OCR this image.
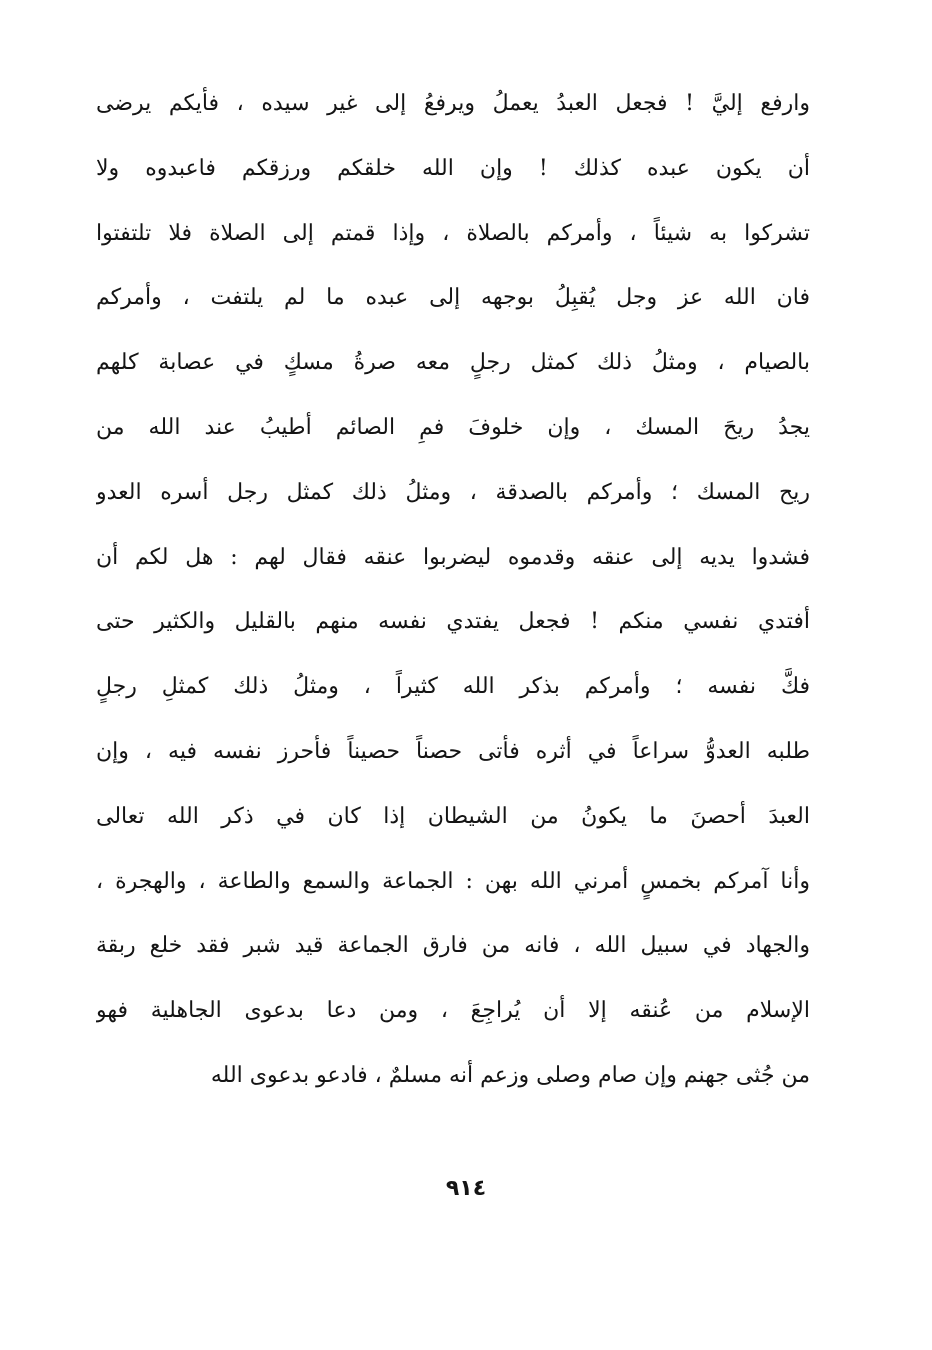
وارفع إليَّ ! فجعل العبدُ يعملُ ويرفعُ إلى غير سيده ، فأيكم يرضى
أن يكون عبده كذلك ! وإن الله خلقكم ورزقكم فاعبدوه ولا
تشركوا به شيئاً ، وأمركم بالصلاة ، وإذا قمتم إلى الصلاة فلا تلتفتوا
فان الله عز وجل يُقبِلُ بوجهه إلى عبده ما لم يلتفت ، وأمركم
بالصيام ، ومثلُ ذلك كمثل رجلٍ معه صرةُ مسكٍ في عصابة كلهم
يجدُ ريحَ المسك ، وإن خلوفَ فمِ الصائم أطيبُ عند الله من
ريح المسك ؛ وأمركم بالصدقة ، ومثلُ ذلك كمثل رجل أسره العدو
فشدوا يديه إلى عنقه وقدموه ليضربوا عنقه فقال لهم : هل لكم أن
أفتدي نفسي منكم ! فجعل يفتدي نفسه منهم بالقليل والكثير حتى
فكَّ نفسه ؛ وأمركم بذكر الله كثيراً ، ومثلُ ذلك كمثلِ رجلٍ
طلبه العدوُّ سراعاً في أثره فأتى حصناً حصيناً فأحرز نفسه فيه ، وإن
العبدَ أحصنَ ما يكونُ من الشيطان إذا كان في ذكر الله تعالى
وأنا آمركم بخمسٍ أمرني الله بهن : الجماعة والسمع والطاعة ، والهجرة ،
والجهاد في سبيل الله ، فانه من فارق الجماعة قيد شبر فقد خلع ربقة
الإسلام من عُنقه إلا أن يُراجِعَ ، ومن دعا بدعوى الجاهلية فهو
من جُثى جهنم وإن صام وصلى وزعم أنه مسلمٌ ، فادعو بدعوى الله
٩١٤
